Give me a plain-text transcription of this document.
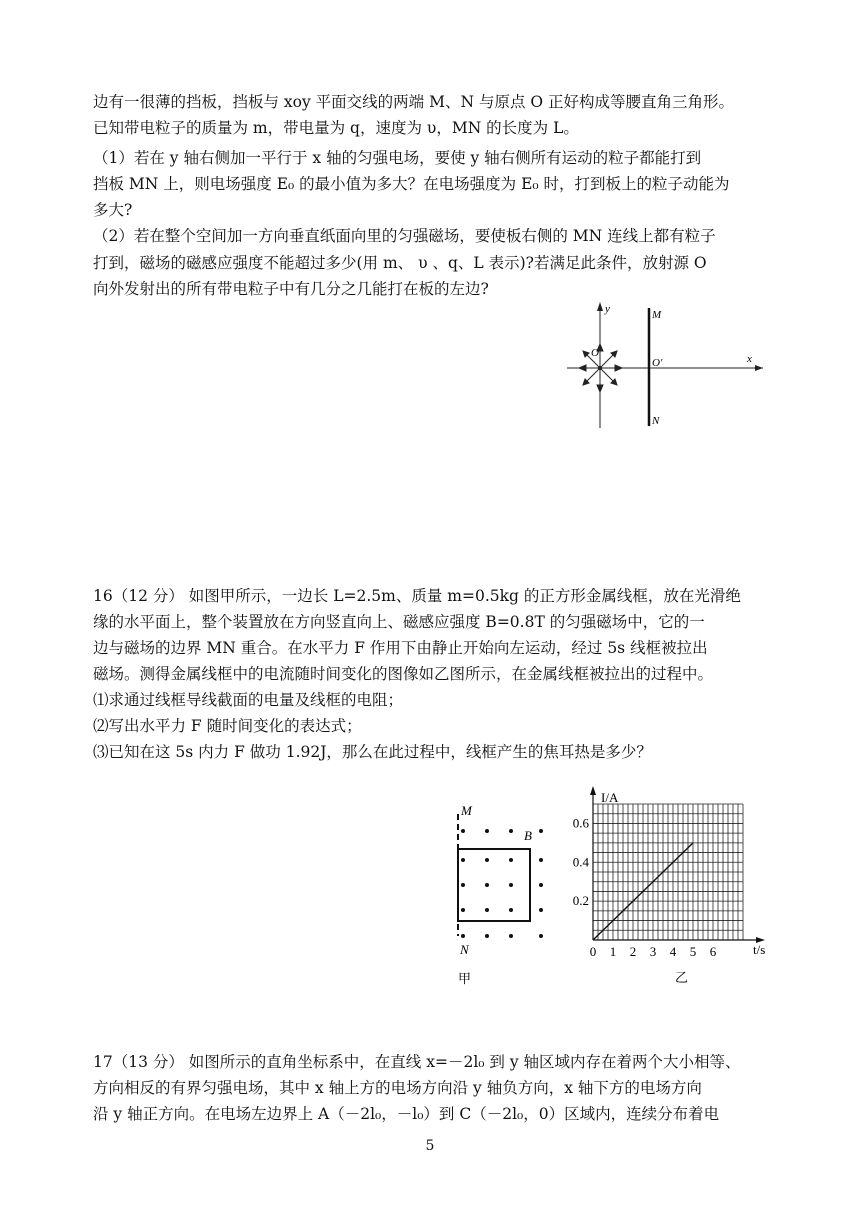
边有一很薄的挡板，挡板与 xoy 平面交线的两端 M、N 与原点 O 正好构成等腰直角三角形。
已知带电粒子的质量为 m，带电量为 q，速度为 υ，MN 的长度为 L。
（1）若在 y 轴右侧加一平行于 x 轴的匀强电场，要使 y 轴右侧所有运动的粒子都能打到
挡板 MN 上，则电场强度 E₀ 的最小值为多大？在电场强度为 E₀ 时，打到板上的粒子动能为
多大?
（2）若在整个空间加一方向垂直纸面向里的匀强磁场，要使板右侧的 MN 连线上都有粒子
打到，磁场的磁感应强度不能超过多少(用 m、 υ 、q、L 表示)?若满足此条件，放射源 O
向外发射出的所有带电粒子中有几分之几能打在板的左边?
y
x
M
N
O
O′
16（12 分） 如图甲所示，一边长 L=2.5m、质量 m=0.5kg 的正方形金属线框，放在光滑绝
缘的水平面上，整个装置放在方向竖直向上、磁感应强度 B=0.8T 的匀强磁场中，它的一
边与磁场的边界 MN 重合。在水平力 F 作用下由静止开始向左运动，经过 5s 线框被拉出
磁场。测得金属线框中的电流随时间变化的图像如乙图所示，在金属线框被拉出的过程中。
⑴求通过线框导线截面的电量及线框的电阻；
⑵写出水平力 F 随时间变化的表达式；
⑶已知在这 5s 内力 F 做功 1.92J，那么在此过程中，线框产生的焦耳热是多少？
M
B
N
甲
0 1 2 3 4 5 6
0.2
0.4
0.6
I/A
t/s
乙
17（13 分） 如图所示的直角坐标系中，在直线 x=－2l₀ 到 y 轴区域内存在着两个大小相等、
方向相反的有界匀强电场，其中 x 轴上方的电场方向沿 y 轴负方向，x 轴下方的电场方向
沿 y 轴正方向。在电场左边界上 A（－2l₀，－l₀）到 C（－2l₀，0）区域内，连续分布着电
5
